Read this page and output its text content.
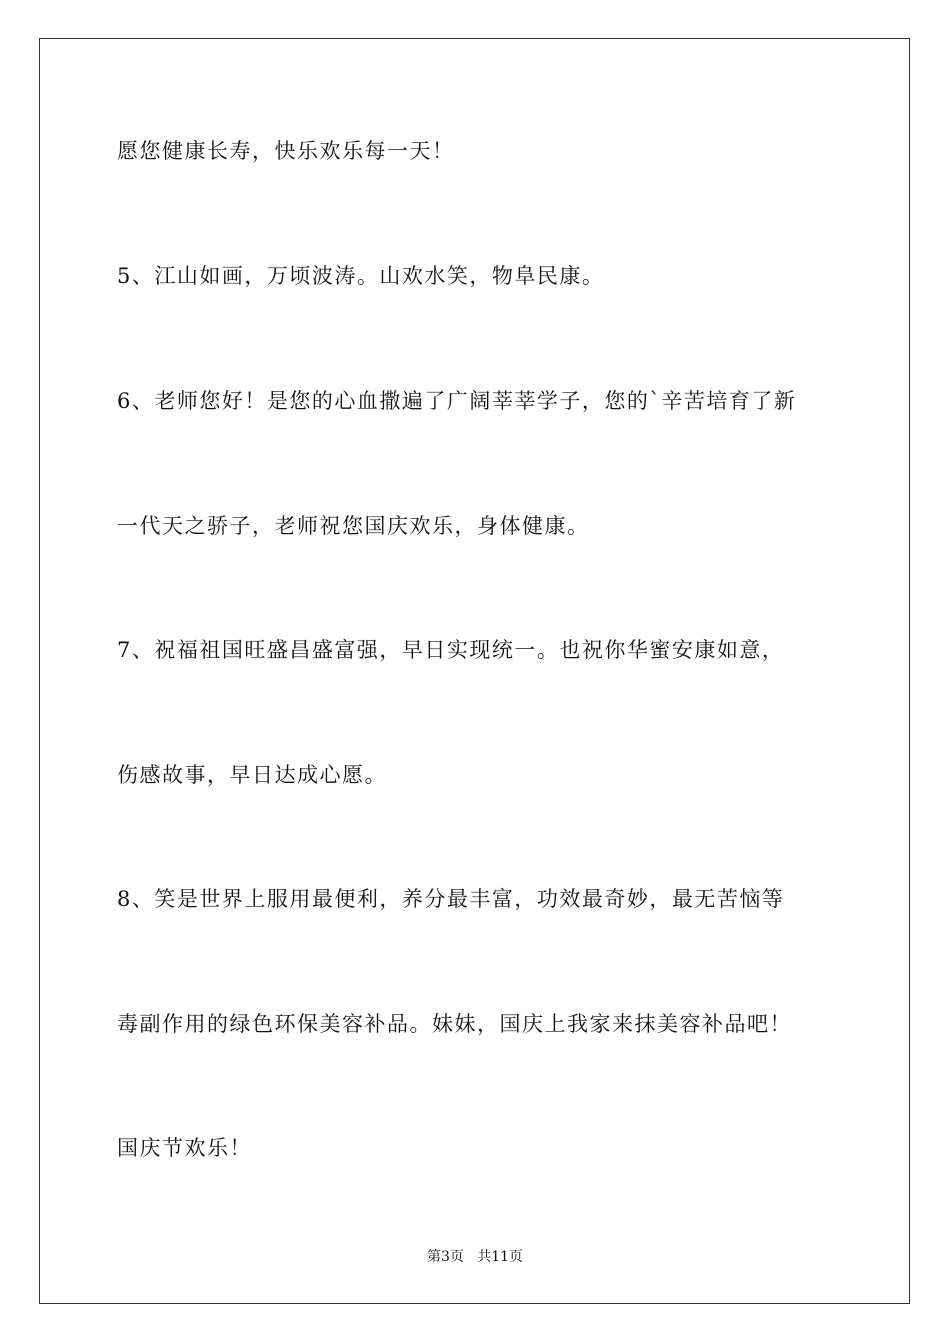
愿您健康长寿，快乐欢乐每一天！
5、江山如画，万顷波涛。山欢水笑，物阜民康。
6、老师您好！是您的心血撒遍了广阔莘莘学子，您的`辛苦培育了新
一代天之骄子，老师祝您国庆欢乐，身体健康。
7、祝福祖国旺盛昌盛富强，早日实现统一。也祝你华蜜安康如意，
伤感故事，早日达成心愿。
8、笑是世界上服用最便利，养分最丰富，功效最奇妙，最无苦恼等
毒副作用的绿色环保美容补品。妹妹，国庆上我家来抹美容补品吧！
国庆节欢乐！
第3页   共11页
